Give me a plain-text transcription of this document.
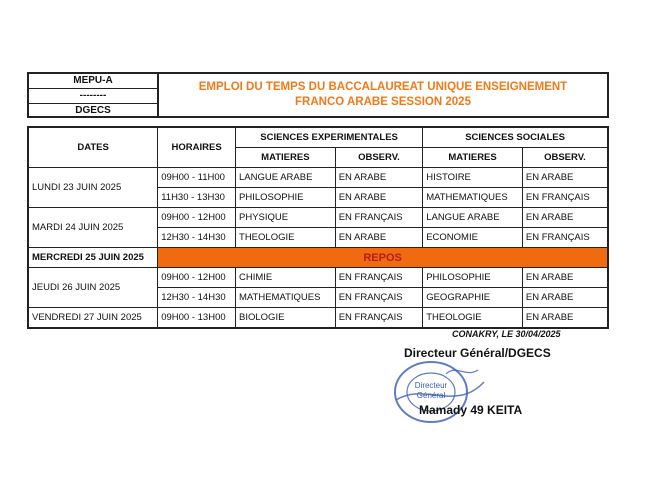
MEPU-A
--------
DGECS
EMPLOI DU TEMPS DU BACCALAUREAT UNIQUE ENSEIGNEMENT
FRANCO ARABE SESSION 2025
DATES	HORAIRES	SCIENCES EXPERIMENTALES		SCIENCES SOCIALES	
		MATIERES	OBSERV.	MATIERES	OBSERV.
LUNDI 23 JUIN 2025	09H00 - 11H00	LANGUE ARABE	EN ARABE	HISTOIRE	EN ARABE
	11H30 - 13H30	PHILOSOPHIE	EN ARABE	MATHEMATIQUES	EN FRANÇAIS
MARDI 24 JUIN 2025	09H00 - 12H00	PHYSIQUE	EN FRANÇAIS	LANGUE ARABE	EN ARABE
	12H30 - 14H30	THEOLOGIE	EN ARABE	ECONOMIE	EN FRANÇAIS
MERCREDI 25 JUIN 2025	REPOS				
JEUDI 26 JUIN 2025	09H00 - 12H00	CHIMIE	EN FRANÇAIS	PHILOSOPHIE	EN ARABE
	12H30 - 14H30	MATHEMATIQUES	EN FRANÇAIS	GEOGRAPHIE	EN ARABE
VENDREDI 27 JUIN 2025	09H00 - 13H00	BIOLOGIE	EN FRANÇAIS	THEOLOGIE	EN ARABE
CONAKRY, LE 30/04/2025
Directeur Général/DGECS
Directeur
Général
Mamady 49 KEITA
